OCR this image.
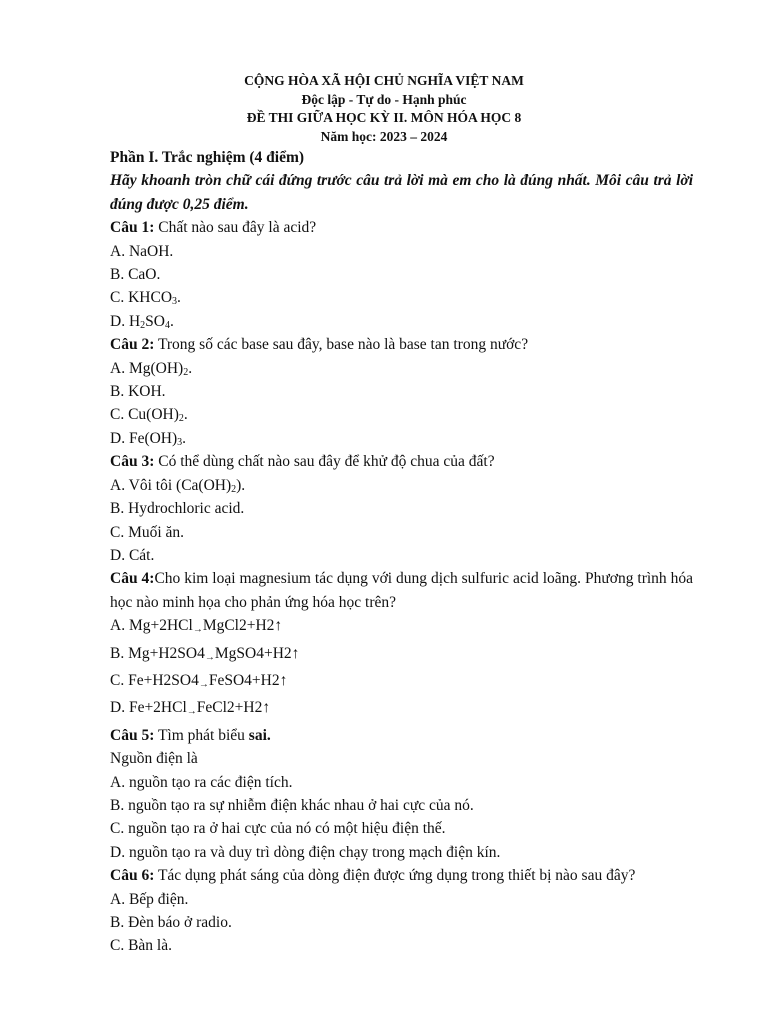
CỘNG HÒA XÃ HỘI CHỦ NGHĨA VIỆT NAM
Độc lập - Tự do - Hạnh phúc
ĐỀ THI GIỮA HỌC KỲ II. MÔN HÓA HỌC 8
Năm học: 2023 – 2024
Phần I. Trắc nghiệm (4 điểm)
Hãy khoanh tròn chữ cái đứng trước câu trả lời mà em cho là đúng nhất. Môi câu trả lời đúng được 0,25 điểm.
Câu 1: Chất nào sau đây là acid?
A. NaOH.
B. CaO.
C. $KHCO_3$.
D. $H_2SO_4$.
Câu 2: Trong số các base sau đây, base nào là base tan trong nước?
A. $Mg(OH)_2$.
B. KOH.
C. $Cu(OH)_2$.
D. $Fe(OH)_3$.
Câu 3: Có thể dùng chất nào sau đây để khử độ chua của đất?
A. Vôi tôi $(Ca(OH)_2)$.
B. Hydrochloric acid.
C. Muối ăn.
D. Cát.
Câu 4:Cho kim loại magnesium tác dụng với dung dịch sulfuric acid loãng. Phương trình hóa học nào minh họa cho phản ứng hóa học trên?
A. Mg+2HCl→MgCl2+H2↑
B. Mg+H2SO4→MgSO4+H2↑
C. Fe+H2SO4→FeSO4+H2↑
D. Fe+2HCl→FeCl2+H2↑
Câu 5: Tìm phát biểu sai.
Nguồn điện là
A. nguồn tạo ra các điện tích.
B. nguồn tạo ra sự nhiễm điện khác nhau ở hai cực của nó.
C. nguồn tạo ra ở hai cực của nó có một hiệu điện thế.
D. nguồn tạo ra và duy trì dòng điện chạy trong mạch điện kín.
Câu 6: Tác dụng phát sáng của dòng điện được ứng dụng trong thiết bị nào sau đây?
A. Bếp điện.
B. Đèn báo ở radio.
C. Bàn là.
